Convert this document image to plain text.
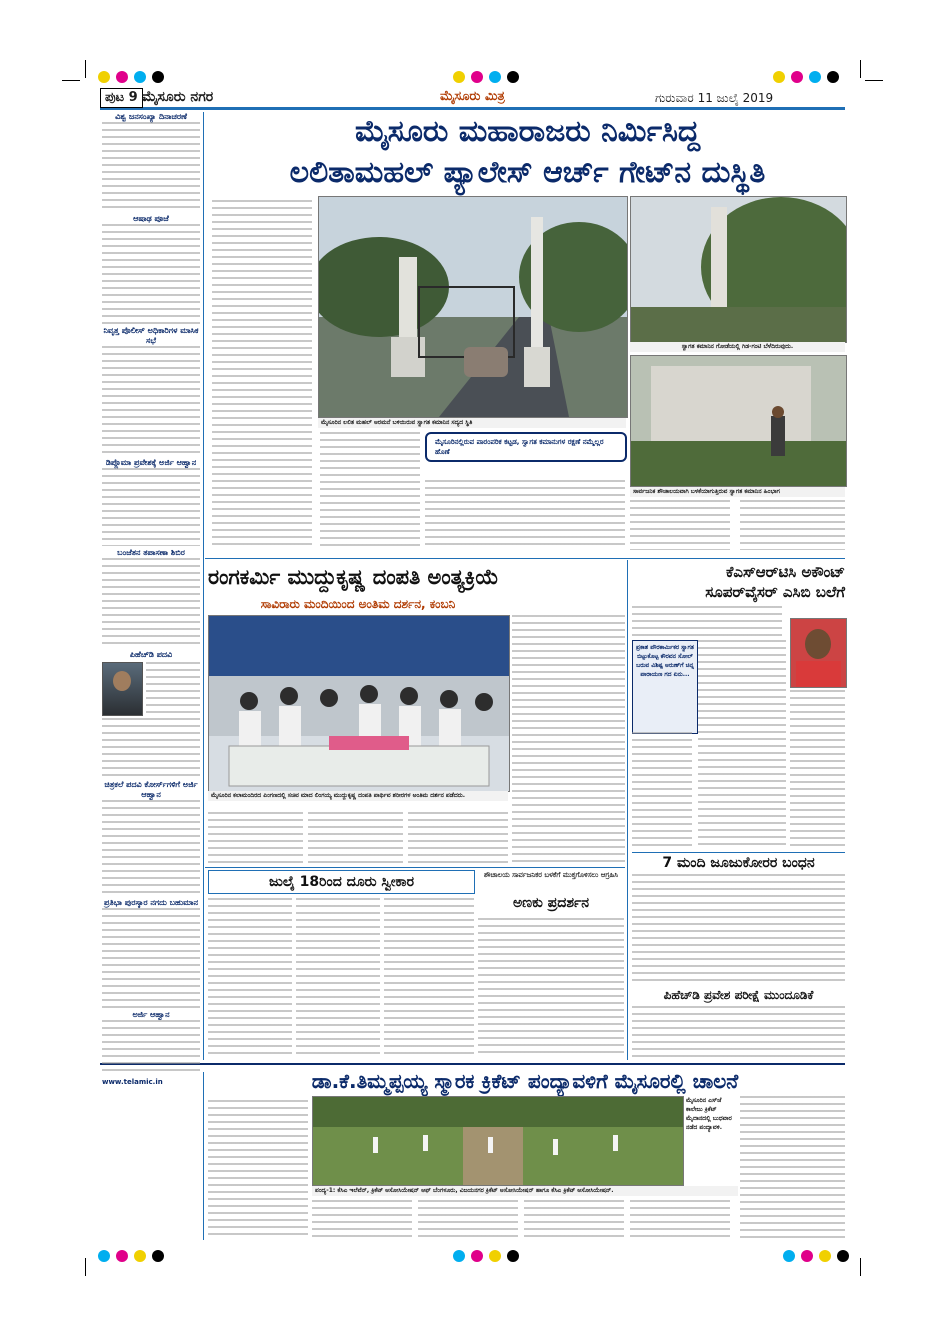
ಪುಟ 9 ಮೈಸೂರು ನಗರ	ಮೈಸೂರು ಮಿತ್ರ	ಗುರುವಾರ 11 ಜುಲೈ 2019
ವಿಶ್ವ ಜನಸಂಖ್ಯಾ ದಿನಾಚರಣೆ
ಆಷಾಢ ಪೂಜೆ
ನಿವೃತ್ತ ಪೊಲೀಸ್ ಅಧಿಕಾರಿಗಳ ಮಾಸಿಕ ಸಭೆ
ಡಿಪ್ಲೊಮಾ ಪ್ರವೇಶಕ್ಕೆ ಅರ್ಜಿ ಆಹ್ವಾನ
ಬಂಜೆತನ ತಪಾಸಣಾ ಶಿಬಿರ
ಪಿಹೆಚ್‌ಡಿ ಪದವಿ
ಚಿತ್ರಕಲೆ ಪದವಿ ಕೋರ್ಸ್‌ಗಳಿಗೆ ಅರ್ಜಿ ಆಹ್ವಾನ
ಪ್ರತಿಭಾ ಪುರಸ್ಕಾರ ನಗದು ಬಹುಮಾನ
ಅರ್ಜಿ ಆಹ್ವಾನ
www.telamic.in
ಮೈಸೂರು ಮಹಾರಾಜರು ನಿರ್ಮಿಸಿದ್ದ
ಲಲಿತಾಮಹಲ್ ಪ್ಯಾಲೇಸ್ ಆರ್ಚ್ ಗೇಟ್‌ನ ದುಸ್ಥಿತಿ
ಮೈಸೂರಿನ ಲಲಿತ ಮಹಲ್ ಅರಮನೆ ಬಳಿಯಿರುವ ಸ್ವಾಗತ ಕಮಾನಿನ ಸದ್ಯದ ಸ್ಥಿತಿ
ಸ್ವಾಗತ ಕಮಾನಿನ ಗೋಡೆಯಲ್ಲಿ ಗಿಡ-ಗಂಟಿ ಬೆಳೆದಿರುವುದು.
ಸಾರ್ವಜನಿಕ ಶೌಚಾಲಯವಾಗಿ ಬಳಕೆಯಾಗುತ್ತಿರುವ ಸ್ವಾಗತ ಕಮಾನಿನ ಹಿಂಭಾಗ
ಮೈಸೂರಿನಲ್ಲಿರುವ ಪಾರಂಪರಿಕ ಕಟ್ಟಡ, ಸ್ವಾಗತ ಕಮಾನುಗಳ ರಕ್ಷಣೆ ನಮ್ಮೆಲ್ಲರ ಹೊಣೆ
ರಂಗಕರ್ಮಿ ಮುದ್ದುಕೃಷ್ಣ ದಂಪತಿ ಅಂತ್ಯಕ್ರಿಯೆ
ಸಾವಿರಾರು ಮಂದಿಯಿಂದ ಅಂತಿಮ ದರ್ಶನ, ಕಂಬನಿ
ಮೈಸೂರಿನ ಕಲಾಮಂದಿರದ ಪಿಂಗಣದಲ್ಲಿ ಸಚಿವ ಮಾದ ಲಿಂಗಯ್ಯ ಮುದ್ದುಕೃಷ್ಣ ದಂಪತಿ ಪಾರ್ಥಿವ ಶರೀರಗಳ ಅಂತಿಮ ದರ್ಶನ ಪಡೆದರು.
ಕೆಎಸ್‌ಆರ್‌ಟಿಸಿ ಅಕೌಂಟ್
ಸೂಪರ್‌ವೈಸರ್ ಎಸಿಬಿ ಬಲೆಗೆ
ಪ್ರಕಾಶ ಪೌರಕಾರ್ಮಿಕರ ಸ್ವಾಗತ ಬಿಟ್ಟುಕೊಟ್ಟ ಕೌರವನ ಸೋಲ್ ಬರುವ ವಿಶಿಷ್ಟ ಅರುಣ್‌ಗೆ ಚಿನ್ನ ಪಾರಾಯಣ ಗದ ಏನು...
7 ಮಂದಿ ಜೂಜುಕೋರರ ಬಂಧನ
ಪಿಹೆಚ್‌ಡಿ ಪ್ರವೇಶ ಪರೀಕ್ಷೆ ಮುಂದೂಡಿಕೆ
ಜುಲೈ 18ರಿಂದ ದೂರು ಸ್ವೀಕಾರ	ಶೌಚಾಲಯ ಸಾರ್ವಜನಿಕರ ಬಳಕೆಗೆ ಮುಕ್ತಗೊಳಿಸಲು ಆಗ್ರಹಿಸಿ
ಅಣಕು ಪ್ರದರ್ಶನ
ಡಾ.ಕೆ.ತಿಮ್ಮಪ್ಪಯ್ಯ ಸ್ಮಾರಕ ಕ್ರಿಕೆಟ್ ಪಂದ್ಯಾವಳಿಗೆ ಮೈಸೂರಲ್ಲಿ ಚಾಲನೆ
ಮೈಸೂರಿನ ಎಸ್‌ಜೆ ಕಾಲೇಜು ಕ್ರಿಕೆಟ್ ಮೈದಾನದಲ್ಲಿ ಬುಧವಾರ ನಡೆದ ಪಂದ್ಯಾವಳಿ.
ಪಂದ್ಯ-1: ಕೆಸಿಎ ಇಲೆವೆನ್, ಕ್ರಿಕೆಟ್ ಅಸೋಸಿಯೇಷನ್ ಆಫ್ ಬೆಂಗಳೂರು, ವಿಜಯನಗರ ಕ್ರಿಕೆಟ್ ಅಸೋಸಿಯೇಷನ್ ಹಾಗೂ ಕೆಸಿಎ ಕ್ರಿಕೆಟ್ ಅಸೋಸಿಯೇಷನ್.
